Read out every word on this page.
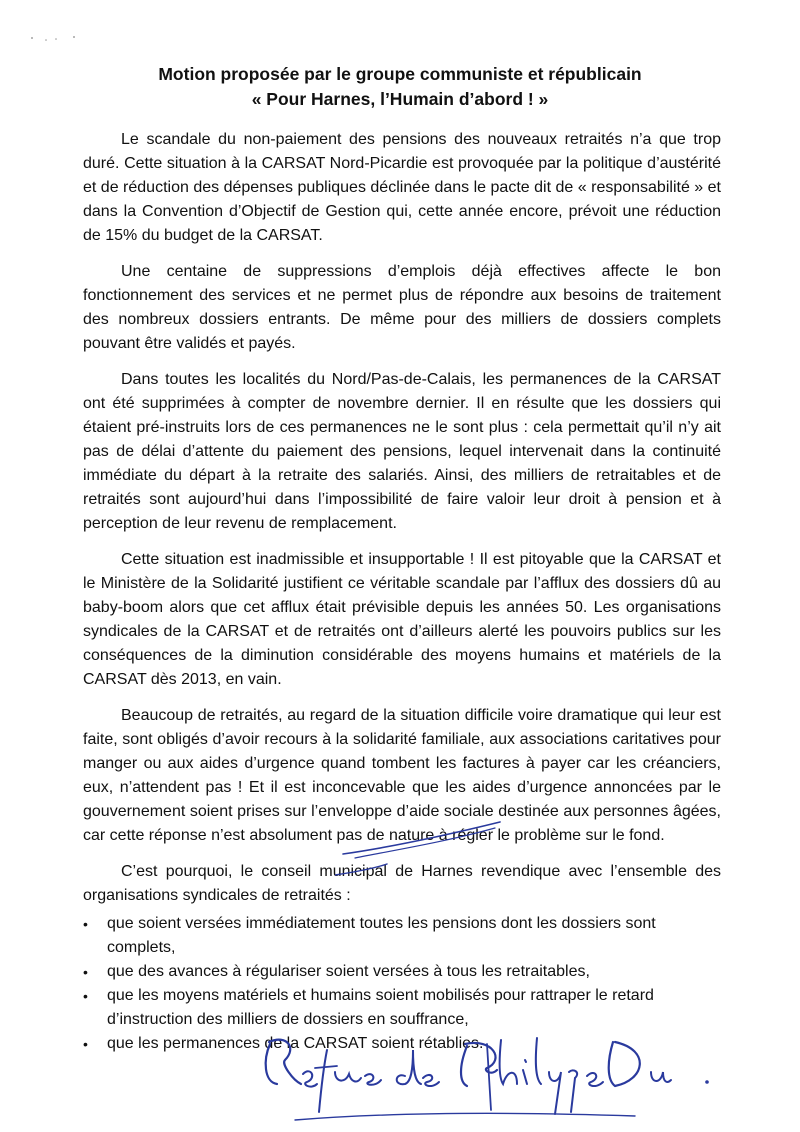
Motion proposée par le groupe communiste et républicain
« Pour Harnes, l’Humain d’abord ! »

Le scandale du non-paiement des pensions des nouveaux retraités n’a que trop duré. Cette situation à la CARSAT Nord-Picardie est provoquée par la politique d’austérité et de réduction des dépenses publiques déclinée dans le pacte dit de « responsabilité » et dans la Convention d’Objectif de Gestion qui, cette année encore, prévoit une réduction de 15% du budget de la CARSAT.

Une centaine de suppressions d’emplois déjà effectives affecte le bon fonctionnement des services et ne permet plus de répondre aux besoins de traitement des nombreux dossiers entrants. De même pour des milliers de dossiers complets pouvant être validés et payés.

Dans toutes les localités du Nord/Pas-de-Calais, les permanences de la CARSAT ont été supprimées à compter de novembre dernier. Il en résulte que les dossiers qui étaient pré-instruits lors de ces permanences ne le sont plus : cela permettait qu’il n’y ait pas de délai d’attente du paiement des pensions, lequel intervenait dans la continuité immédiate du départ à la retraite des salariés. Ainsi, des milliers de retraitables et de retraités sont aujourd’hui dans l’impossibilité de faire valoir leur droit à pension et à perception de leur revenu de remplacement.

Cette situation est inadmissible et insupportable ! Il est pitoyable que la CARSAT et le Ministère de la Solidarité justifient ce véritable scandale par l’afflux des dossiers dû au baby-boom alors que cet afflux était prévisible depuis les années 50. Les organisations syndicales de la CARSAT et de retraités ont d’ailleurs alerté les pouvoirs publics sur les conséquences de la diminution considérable des moyens humains et matériels de la CARSAT dès 2013, en vain.

Beaucoup de retraités, au regard de la situation difficile voire dramatique qui leur est faite, sont obligés d’avoir recours à la solidarité familiale, aux associations caritatives pour manger ou aux aides d’urgence quand tombent les factures à payer car les créanciers, eux, n’attendent pas ! Et il est inconcevable que les aides d’urgence annoncées par le gouvernement soient prises sur l’enveloppe d’aide sociale destinée aux personnes âgées, car cette réponse n’est absolument pas de nature à régler le problème sur le fond.

C’est pourquoi, le conseil municipal de Harnes revendique avec l’ensemble des organisations syndicales de retraités :

• que soient versées immédiatement toutes les pensions dont les dossiers sont complets,
• que des avances à régulariser soient versées à tous les retraitables,
• que les moyens matériels et humains soient mobilisés pour rattraper le retard d’instruction des milliers de dossiers en souffrance,
• que les permanences de la CARSAT soient rétablies.
